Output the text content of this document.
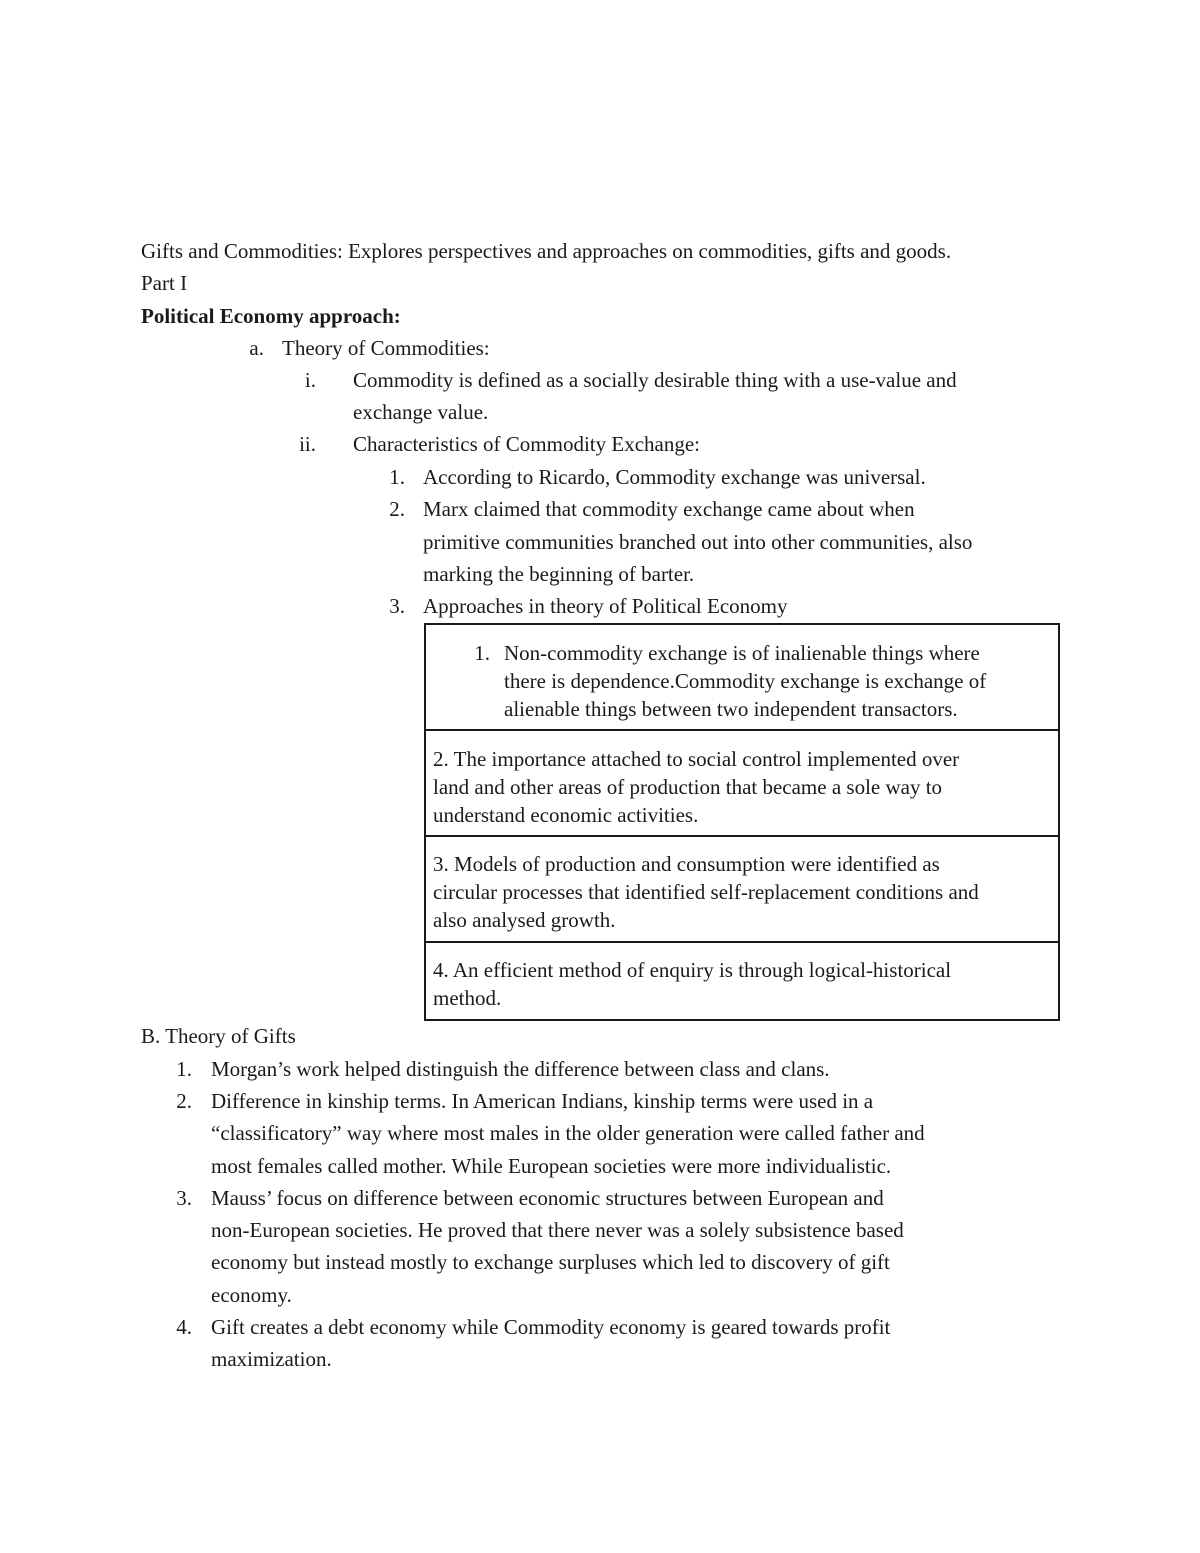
Gifts and Commodities: Explores perspectives and approaches on commodities, gifts and goods.
Part I
Political Economy approach:
a. Theory of Commodities:
i. Commodity is defined as a socially desirable thing with a use-value and
exchange value.
ii. Characteristics of Commodity Exchange:
1. According to Ricardo, Commodity exchange was universal.
2. Marx claimed that commodity exchange came about when
primitive communities branched out into other communities, also
marking the beginning of barter.
3. Approaches in theory of Political Economy
1. Non-commodity exchange is of inalienable things where
there is dependence.Commodity exchange is exchange of
alienable things between two independent transactors.
2. The importance attached to social control implemented over
land and other areas of production that became a sole way to
understand economic activities.
3. Models of production and consumption were identified as
circular processes that identified self-replacement conditions and
also analysed growth.
4. An efficient method of enquiry is through logical-historical
method.
B. Theory of Gifts
1. Morgan’s work helped distinguish the difference between class and clans.
2. Difference in kinship terms. In American Indians, kinship terms were used in a
“classificatory” way where most males in the older generation were called father and
most females called mother. While European societies were more individualistic.
3. Mauss’ focus on difference between economic structures between European and
non-European societies. He proved that there never was a solely subsistence based
economy but instead mostly to exchange surpluses which led to discovery of gift
economy.
4. Gift creates a debt economy while Commodity economy is geared towards profit
maximization.
